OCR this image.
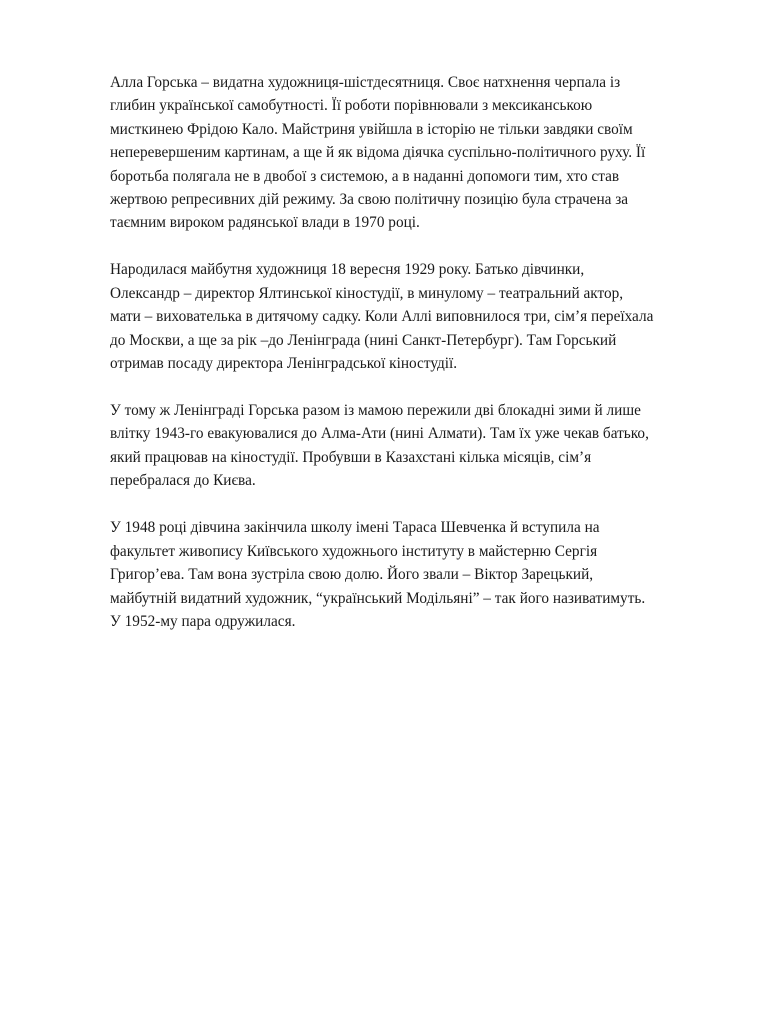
Алла Горська – видатна художниця-шістдесятниця. Своє натхнення черпала із
глибин української самобутності. Її роботи порівнювали з мексиканською
мисткинею Фрідою Кало. Майстриня увійшла в історію не тільки завдяки своїм
неперевершеним картинам, а ще й як відома діячка суспільно-політичного руху. Її
боротьба полягала не в двобої з системою, а в наданні допомоги тим, хто став
жертвою репресивних дій режиму. За свою політичну позицію була страчена за
таємним вироком радянської влади в 1970 році.

Народилася майбутня художниця 18 вересня 1929 року. Батько дівчинки,
Олександр – директор Ялтинської кіностудії, в минулому – театральний актор,
мати – вихователька в дитячому садку. Коли Аллі виповнилося три, сім’я переїхала
до Москви, а ще за рік –до Ленінграда (нині Санкт-Петербург). Там Горський
отримав посаду директора Ленінградської кіностудії.

У тому ж Ленінграді Горська разом із мамою пережили дві блокадні зими й лише
влітку 1943-го евакуювалися до Алма-Ати (нині Алмати). Там їх уже чекав батько,
який працював на кіностудії. Пробувши в Казахстані кілька місяців, сім’я
перебралася до Києва.

У 1948 році дівчина закінчила школу імені Тараса Шевченка й вступила на
факультет живопису Київського художнього інституту в майстерню Сергія
Григор’ева. Там вона зустріла свою долю. Його звали – Віктор Зарецький,
майбутній видатний художник, “український Модільяні” – так його називатимуть.
У 1952-му пара одружилася.
